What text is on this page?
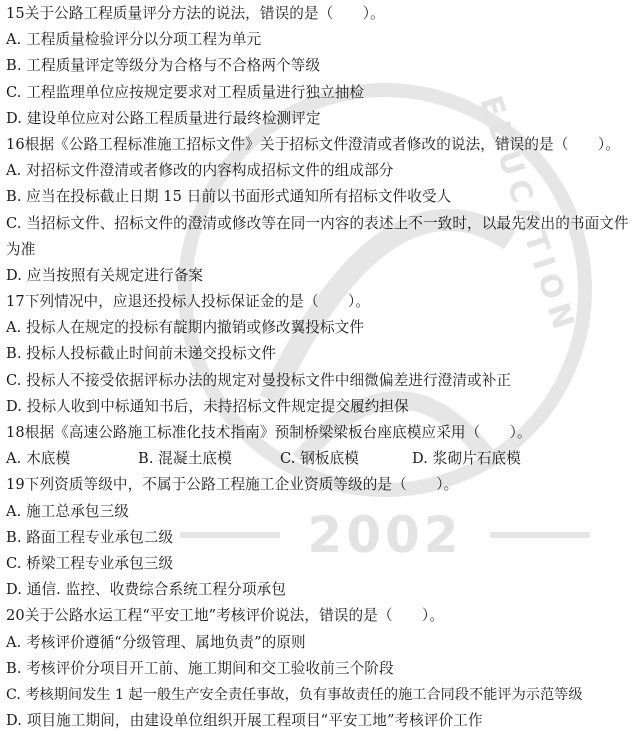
EDUCATION
2002
15关于公路工程质量评分方法的说法，错误的是（　　）。
A. 工程质量检验评分以分项工程为单元
B. 工程质量评定等级分为合格与不合格两个等级
C. 工程监理单位应按规定要求对工程质量进行独立抽检
D. 建设单位应对公路工程质量进行最终检测评定
16根据《公路工程标准施工招标文件》关于招标文件澄清或者修改的说法，错误的是（　　）。
A. 对招标文件澄清或者修改的内容构成招标文件的组成部分
B. 应当在投标截止日期 15 日前以书面形式通知所有招标文件收受人
C. 当招标文件、招标文件的澄清或修改等在同一内容的表述上不一致时，以最先发出的书面文件为准
D. 应当按照有关规定进行备案
17下列情况中，应退还投标人投标保证金的是（　　）。
A. 投标人在规定的投标有靛期内撤销或修改翼投标文件
B. 投标人投标截止时间前未递交投标文件
C. 投标人不接受依据评标办法的规定对曼投标文件中细微偏差进行澄清或补正
D. 投标人收到中标通知书后，未持招标文件规定提交履约担保
18根据《高速公路施工标准化技术指南》预制桥梁梁板台座底模应采用（　　）。
A. 木底模	B. 混凝土底模	C. 钢板底模	D. 浆砌片石底模
19下列资质等级中，不属于公路工程施工企业资质等级的是（　　）。
A. 施工总承包三级
B. 路面工程专业承包二级
C. 桥梁工程专业承包三级
D. 通信. 监控、收费综合系统工程分项承包
20关于公路水运工程“平安工地”考核评价说法，错误的是（　　）。
A. 考核评价遵循“分级管理、属地负责”的原则
B. 考核评价分项目开工前、施工期间和交工验收前三个阶段
C. 考核期间发生 1 起一般生产安全责任事故，负有事故责任的施工合同段不能评为示范等级
D. 项目施工期间，由建设单位组织开展工程项目“平安工地”考核评价工作
